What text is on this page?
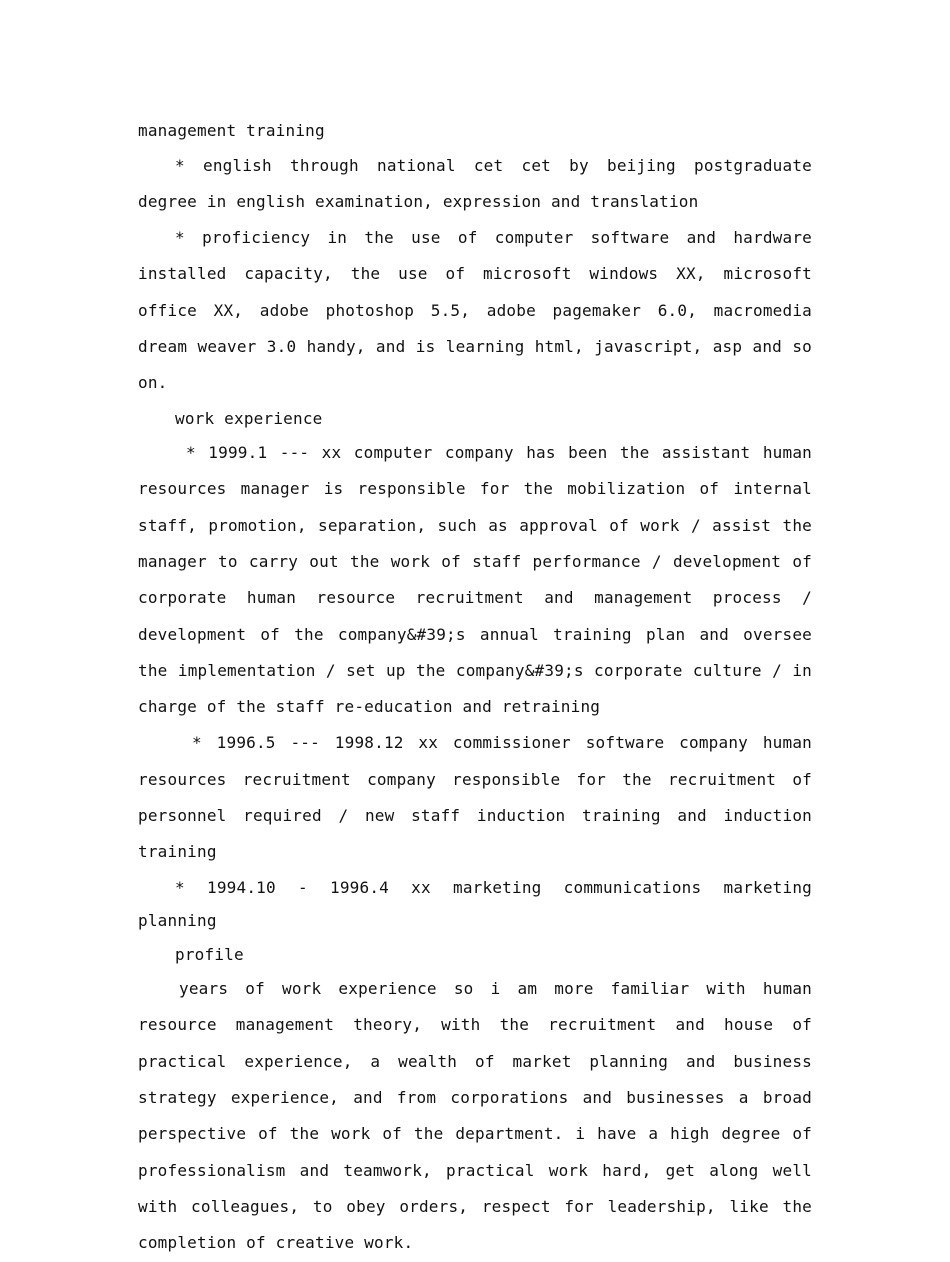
management training

* english through national cet cet by beijing postgraduate degree in english examination, expression and translation

* proficiency in the use of computer software and hardware installed capacity, the use of microsoft windows XX, microsoft office XX, adobe photoshop 5.5, adobe pagemaker 6.0, macromedia dream weaver 3.0 handy, and is learning html, javascript, asp and so on.

work experience

* 1999.1 --- xx computer company has been the assistant human resources manager is responsible for the mobilization of internal staff, promotion, separation, such as approval of work / assist the manager to carry out the work of staff performance / development of corporate human resource recruitment and management process / development of the company&#39;s annual training plan and oversee the implementation / set up the company&#39;s corporate culture / in charge of the staff re-education and retraining

* 1996.5 --- 1998.12 xx commissioner software company human resources recruitment company responsible for the recruitment of personnel required / new staff induction training and induction training

* 1994.10 - 1996.4 xx marketing communications marketing planning

profile

years of work experience so i am more familiar with human resource management theory, with the recruitment and house of practical experience, a wealth of market planning and business strategy experience, and from corporations and businesses a broad perspective of the work of the department. i have a high degree of professionalism and teamwork, practical work hard, get along well with colleagues, to obey orders, respect for leadership, like the completion of creative work.
